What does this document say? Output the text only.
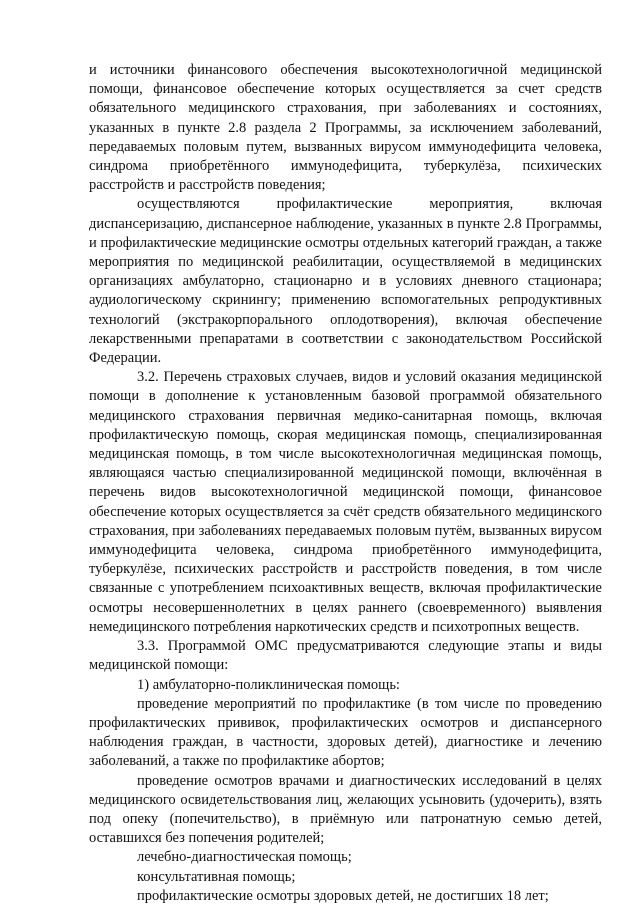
и источники финансового обеспечения высокотехнологичной медицинской помощи, финансовое обеспечение которых осуществляется за счет средств обязательного медицинского страхования, при заболеваниях и состояниях, указанных в пункте 2.8 раздела 2 Программы, за исключением заболеваний, передаваемых половым путем, вызванных вирусом иммунодефицита человека, синдрома приобретённого иммунодефицита, туберкулёза, психических расстройств и расстройств поведения;

осуществляются профилактические мероприятия, включая диспансеризацию, диспансерное наблюдение, указанных в пункте 2.8 Программы, и профилактические медицинские осмотры отдельных категорий граждан, а также мероприятия по медицинской реабилитации, осуществляемой в медицинских организациях амбулаторно, стационарно и в условиях дневного стационара; аудиологическому скринингу; применению вспомогательных репродуктивных технологий (экстракорпорального оплодотворения), включая обеспечение лекарственными препаратами в соответствии с законодательством Российской Федерации.

3.2. Перечень страховых случаев, видов и условий оказания медицинской помощи в дополнение к установленным базовой программой обязательного медицинского страхования первичная медико-санитарная помощь, включая профилактическую помощь, скорая медицинская помощь, специализированная медицинская помощь, в том числе высокотехнологичная медицинская помощь, являющаяся частью специализированной медицинской помощи, включённая в перечень видов высокотехнологичной медицинской помощи, финансовое обеспечение которых осуществляется за счёт средств обязательного медицинского страхования, при заболеваниях передаваемых половым путём, вызванных вирусом иммунодефицита человека, синдрома приобретённого иммунодефицита, туберкулёзе, психических расстройств и расстройств поведения, в том числе связанные с употреблением психоактивных веществ, включая профилактические осмотры несовершеннолетних в целях раннего (своевременного) выявления немедицинского потребления наркотических средств и психотропных веществ.

3.3. Программой ОМС предусматриваются следующие этапы и виды медицинской помощи:

1) амбулаторно-поликлиническая помощь:

проведение мероприятий по профилактике (в том числе по проведению профилактических прививок, профилактических осмотров и диспансерного наблюдения граждан, в частности, здоровых детей), диагностике и лечению заболеваний, а также по профилактике абортов;

проведение осмотров врачами и диагностических исследований в целях медицинского освидетельствования лиц, желающих усыновить (удочерить), взять под опеку (попечительство), в приёмную или патронатную семью детей, оставшихся без попечения родителей;

лечебно-диагностическая помощь;

консультативная помощь;

профилактические осмотры здоровых детей, не достигших 18 лет;
